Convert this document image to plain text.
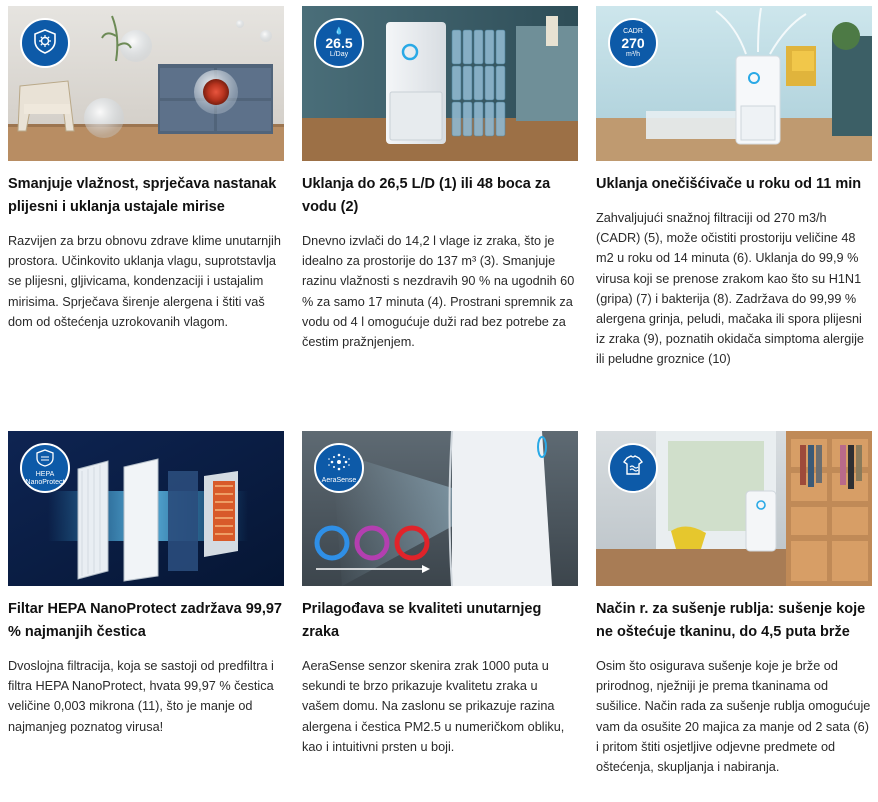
Smanjuje vlažnost, sprječava nastanak plijesni i uklanja ustajale mirise
Razvijen za brzu obnovu zdrave klime unutarnjih prostora. Učinkovito uklanja vlagu, suprotstavlja se plijesni, gljivicama, kondenzaciji i ustajalim mirisima. Sprječava širenje alergena i štiti vaš dom od oštećenja uzrokovanih vlagom.
💧
26.5
L/Day
Uklanja do 26,5 L/D (1) ili 48 boca za vodu (2)
Dnevno izvlači do 14,2 l vlage iz zraka, što je idealno za prostorije do 137 m³ (3). Smanjuje razinu vlažnosti s nezdravih 90 % na ugodnih 60 % za samo 17 minuta (4). Prostrani spremnik za vodu od 4 l omogućuje duži rad bez potrebe za čestim pražnjenjem.
CADR
270
m³/h
Uklanja onečišćivače u roku od 11 min
Zahvaljujući snažnoj filtraciji od 270 m3/h (CADR) (5), može očistiti prostoriju veličine 48 m2 u roku od 14 minuta (6). Uklanja do 99,9 % virusa koji se prenose zrakom kao što su H1N1 (gripa) (7) i bakterija (8). Zadržava do 99,99 % alergena grinja, peludi, mačaka ili spora plijesni iz zraka (9), poznatih okidača simptoma alergije ili peludne groznice (10)
HEPA
NanoProtect
Filtar HEPA NanoProtect zadržava 99,97 % najmanjih čestica
Dvoslojna filtracija, koja se sastoji od predfiltra i filtra HEPA NanoProtect, hvata 99,97 % čestica veličine 0,003 mikrona (11), što je manje od najmanjeg poznatog virusa!
AeraSense
Prilagođava se kvaliteti unutarnjeg zraka
AeraSense senzor skenira zrak 1000 puta u sekundi te brzo prikazuje kvalitetu zraka u vašem domu. Na zaslonu se prikazuje razina alergena i čestica PM2.5 u numeričkom obliku, kao i intuitivni prsten u boji.
Način r. za sušenje rublja: sušenje koje ne oštećuje tkaninu, do 4,5 puta brže
Osim što osigurava sušenje koje je brže od prirodnog, nježniji je prema tkaninama od sušilice. Način rada za sušenje rublja omogućuje vam da osušite 20 majica za manje od 2 sata (6) i pritom štiti osjetljive odjevne predmete od oštećenja, skupljanja i nabiranja.
